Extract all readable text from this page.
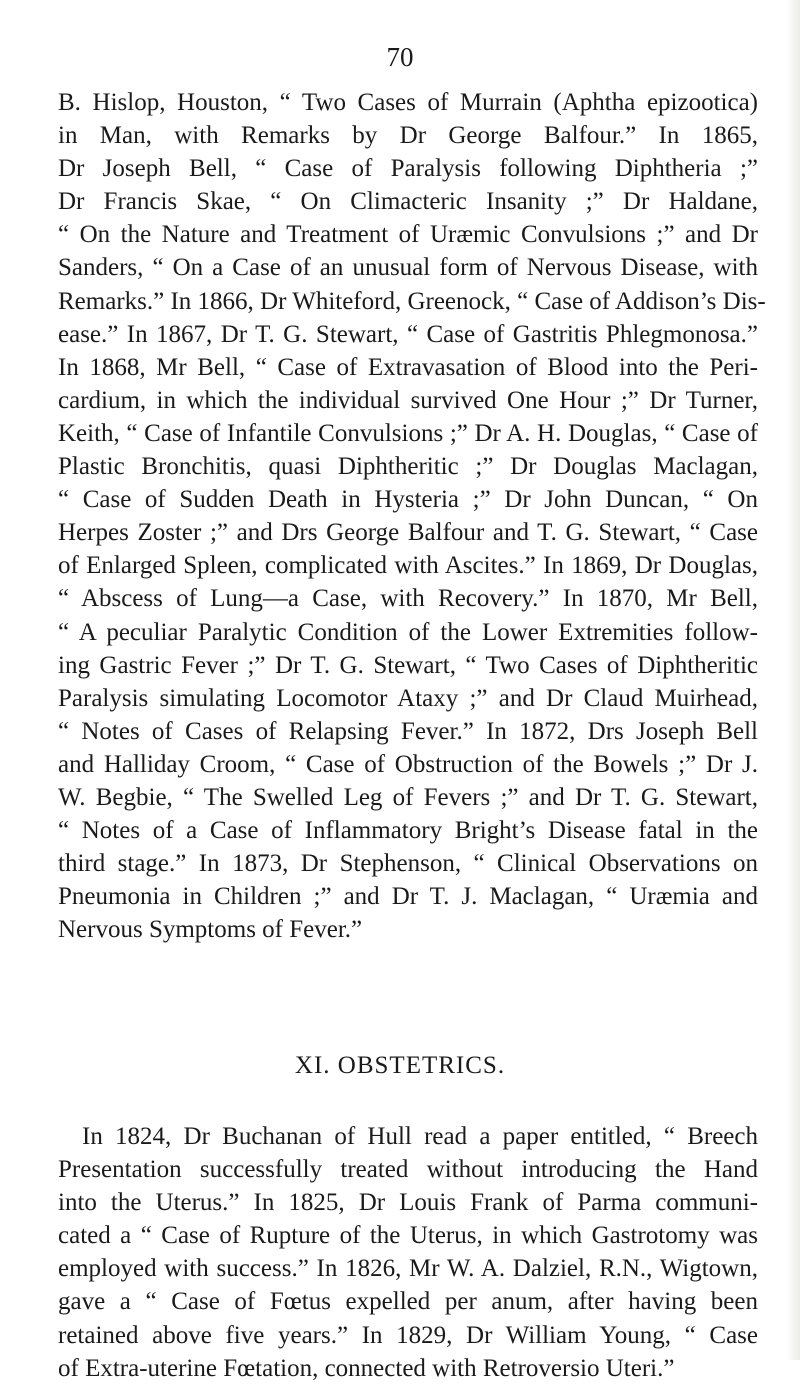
70
B. Hislop, Houston, “ Two Cases of Murrain (Aphtha epizootica)
in Man, with Remarks by Dr George Balfour.” In 1865,
Dr Joseph Bell, “ Case of Paralysis following Diphtheria ;”
Dr Francis Skae, “ On Climacteric Insanity ;” Dr Haldane,
“ On the Nature and Treatment of Uræmic Convulsions ;” and Dr
Sanders, “ On a Case of an unusual form of Nervous Disease, with
Remarks.” In 1866, Dr Whiteford, Greenock, “ Case of Addison’s Dis-
ease.” In 1867, Dr T. G. Stewart, “ Case of Gastritis Phlegmonosa.”
In 1868, Mr Bell, “ Case of Extravasation of Blood into the Peri-
cardium, in which the individual survived One Hour ;” Dr Turner,
Keith, “ Case of Infantile Convulsions ;” Dr A. H. Douglas, “ Case of
Plastic Bronchitis, quasi Diphtheritic ;” Dr Douglas Maclagan,
“ Case of Sudden Death in Hysteria ;” Dr John Duncan, “ On
Herpes Zoster ;” and Drs George Balfour and T. G. Stewart, “ Case
of Enlarged Spleen, complicated with Ascites.” In 1869, Dr Douglas,
“ Abscess of Lung—a Case, with Recovery.” In 1870, Mr Bell,
“ A peculiar Paralytic Condition of the Lower Extremities follow-
ing Gastric Fever ;” Dr T. G. Stewart, “ Two Cases of Diphtheritic
Paralysis simulating Locomotor Ataxy ;” and Dr Claud Muirhead,
“ Notes of Cases of Relapsing Fever.” In 1872, Drs Joseph Bell
and Halliday Croom, “ Case of Obstruction of the Bowels ;” Dr J.
W. Begbie, “ The Swelled Leg of Fevers ;” and Dr T. G. Stewart,
“ Notes of a Case of Inflammatory Bright’s Disease fatal in the
third stage.” In 1873, Dr Stephenson, “ Clinical Observations on
Pneumonia in Children ;” and Dr T. J. Maclagan, “ Uræmia and
Nervous Symptoms of Fever.”
XI. OBSTETRICS.
In 1824, Dr Buchanan of Hull read a paper entitled, “ Breech
Presentation successfully treated without introducing the Hand
into the Uterus.” In 1825, Dr Louis Frank of Parma communi-
cated a “ Case of Rupture of the Uterus, in which Gastrotomy was
employed with success.” In 1826, Mr W. A. Dalziel, R.N., Wigtown,
gave a “ Case of Fœtus expelled per anum, after having been
retained above five years.” In 1829, Dr William Young, “ Case
of Extra-uterine Fœtation, connected with Retroversio Uteri.”
